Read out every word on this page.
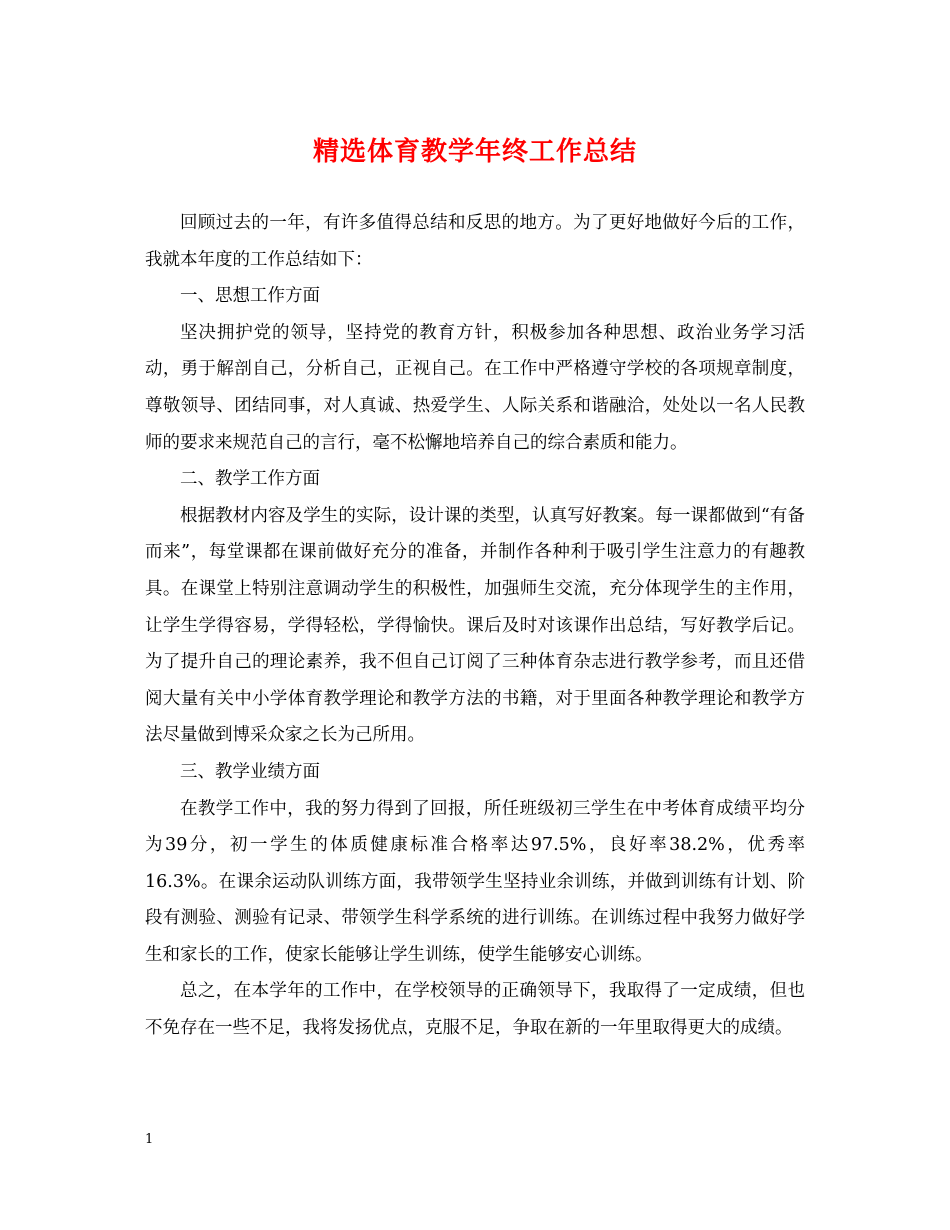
精选体育教学年终工作总结

回顾过去的一年，有许多值得总结和反思的地方。为了更好地做好今后的工作，我就本年度的工作总结如下：

一、思想工作方面

坚决拥护党的领导，坚持党的教育方针，积极参加各种思想、政治业务学习活动，勇于解剖自己，分析自己，正视自己。在工作中严格遵守学校的各项规章制度，尊敬领导、团结同事，对人真诚、热爱学生、人际关系和谐融洽，处处以一名人民教师的要求来规范自己的言行，毫不松懈地培养自己的综合素质和能力。

二、教学工作方面

根据教材内容及学生的实际，设计课的类型，认真写好教案。每一课都做到“有备而来”，每堂课都在课前做好充分的准备，并制作各种利于吸引学生注意力的有趣教具。在课堂上特别注意调动学生的积极性，加强师生交流，充分体现学生的主作用，让学生学得容易，学得轻松，学得愉快。课后及时对该课作出总结，写好教学后记。为了提升自己的理论素养，我不但自己订阅了三种体育杂志进行教学参考，而且还借阅大量有关中小学体育教学理论和教学方法的书籍，对于里面各种教学理论和教学方法尽量做到博采众家之长为己所用。

三、教学业绩方面

在教学工作中，我的努力得到了回报，所任班级初三学生在中考体育成绩平均分为39分，初一学生的体质健康标准合格率达97.5%，良好率38.2%，优秀率16.3%。在课余运动队训练方面，我带领学生坚持业余训练，并做到训练有计划、阶段有测验、测验有记录、带领学生科学系统的进行训练。在训练过程中我努力做好学生和家长的工作，使家长能够让学生训练，使学生能够安心训练。

总之，在本学年的工作中，在学校领导的正确领导下，我取得了一定成绩，但也不免存在一些不足，我将发扬优点，克服不足，争取在新的一年里取得更大的成绩。

1
